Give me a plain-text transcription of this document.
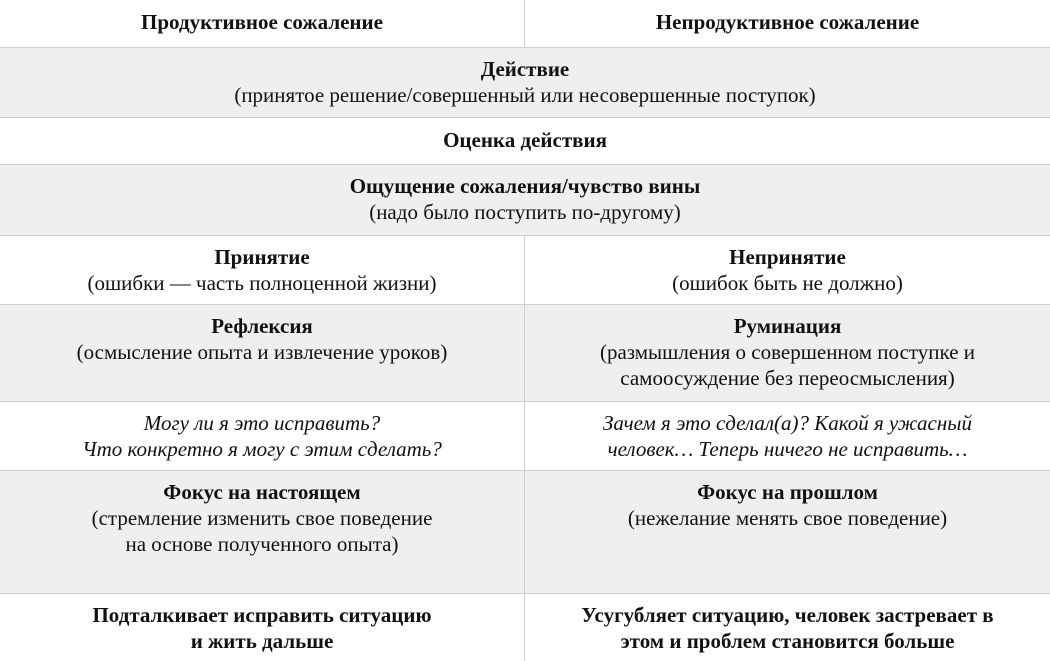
Продуктивное сожаление	Непродуктивное сожаление
Действие
(принятое решение/совершенный или несовершенные поступок)
Оценка действия
Ощущение сожаления/чувство вины
(надо было поступить по-другому)
Принятие
(ошибки — часть полноценной жизни)
Непринятие
(ошибок быть не должно)
Рефлексия
(осмысление опыта и извлечение уроков)
Руминация
(размышления о совершенном поступке и
самоосуждение без переосмысления)
Могу ли я это исправить?
Что конкретно я могу с этим сделать?
Зачем я это сделал(а)? Какой я ужасный
человек… Теперь ничего не исправить…
Фокус на настоящем
(стремление изменить свое поведение
на основе полученного опыта)
Фокус на прошлом
(нежелание менять свое поведение)
Подталкивает исправить ситуацию
и жить дальше
Усугубляет ситуацию, человек застревает в
этом и проблем становится больше
